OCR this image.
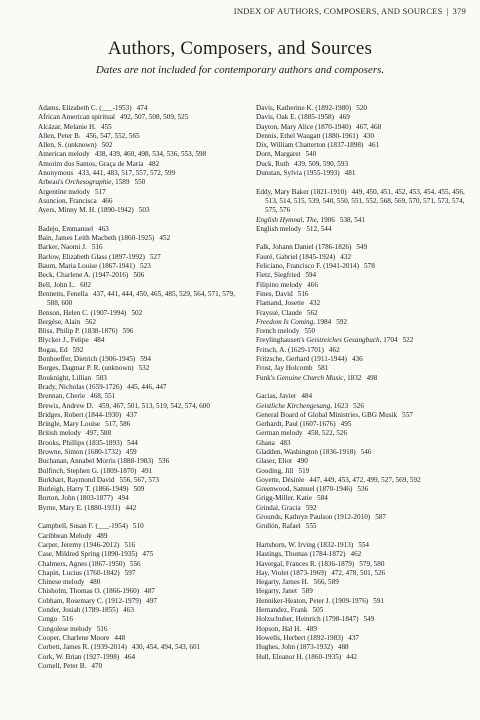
INDEX OF AUTHORS, COMPOSERS, AND SOURCES | 379
Authors, Composers, and Sources
Dates are not included for contemporary authors and composers.
Adams, Elizabeth C. (___-1953) 474
African American spiritual 492, 507, 508, 509, 525
Alcázar, Melanie H. 455
Allen, Peter B. 456, 547, 552, 565
Allen, S. (unknown) 502
American melody 438, 439, 460, 498, 534, 536, 553, 598
Amorim dos Santos, Graça de Maria 482
Anonymous 433, 441, 483, 517, 557, 572, 599
Arbeau's Orchesographie, 1589 550
Argentine melody 517
Asuncion, Francisca 466
Ayers, Minny M. H. (1890-1942) 503
Badejo, Emmanuel 463
Bain, James Leith Macbeth (1860-1925) 452
Barker, Naomi J. 516
Barlow, Elizabeth Glass (1897-1992) 527
Baum, Maria Louise (1867-1941) 523
Beck, Charlene A. (1947-2016) 506
Bell, John L. 602
Bennetts, Fenella 437, 441, 444, 450, 465, 485, 529, 564, 571, 579, 588, 600
Benson, Helen C. (1907-1994) 502
Bergèse, Alain 562
Bliss, Philip P. (1838-1876) 596
Blycker J., Felipe 484
Bogas, Ed 592
Bonhoeffer, Dietrich (1906-1945) 594
Borges, Dagmar P. R. (unknown) 532
Bouknight, Lillian 583
Brady, Nicholas (1659-1726) 445, 446, 447
Brennan, Cherie 468, 551
Brewis, Andrew D. 459, 467, 501, 513, 519, 542, 574, 600
Bridges, Robert (1844-1930) 437
Bringle, Mary Louise 517, 586
British melody 497, 588
Brooks, Phillips (1835-1893) 544
Browne, Simon (1680-1732) 459
Buchanan, Annabel Morris (1888-1983) 536
Bulfinch, Stephen G. (1809-1870) 491
Burkhart, Raymond David 556, 567, 573
Burleigh, Harry T. (1866-1949) 509
Burton, John (1803-1877) 494
Byrne, Mary E. (1880-1931) 442
Campbell, Susan F. (___-1954) 510
Caribbean Melody 489
Carper, Jeremy (1946-2012) 516
Case, Mildred Spring (1890-1935) 475
Chalmers, Agnes (1867-1950) 556
Chapin, Lucius (1760-1842) 597
Chinese melody 480
Chisholm, Thomas O. (1866-1960) 487
Cobham, Rosemary C. (1912-1979) 497
Conder, Josiah (1789-1855) 463
Congo 516
Congolese melody 516
Cooper, Charlene Moore 448
Corbett, James R. (1939-2014) 430, 454, 494, 543, 601
Cork, W. Brian (1927-1998) 464
Cornell, Peter B. 470
Davis, Katherine K. (1892-1980) 520
Davis, Oak E. (1885-1958) 469
Dayton, Mary Alice (1870-1940) 467, 468
Dennis, Ethel Waugatt (1880-1961) 430
Dix, William Chatterton (1837-1898) 461
Dorn, Margaret 540
Duck, Ruth 439, 509, 590, 593
Dunstan, Sylvia (1955-1993) 481
Eddy, Mary Baker (1821-1910) 449, 450, 451, 452, 453, 454, 455, 456, 513, 514, 515, 539, 540, 550, 551, 552, 568, 569, 570, 571, 573, 574, 575, 576
English Hymnal, The, 1906 538, 541
English melody 512, 544
Falk, Johann Daniel (1786-1826) 549
Fauré, Gabriel (1845-1924) 432
Feliciano, Francisco F. (1941-2014) 578
Fietz, Siegfried 594
Filipino melody 466
Fines, David 516
Flamand, Josette 432
Frayssé, Claude 562
Freedom Is Coming, 1984 592
French melody 550
Freylinghausen's Geistreiches Gesangbuch, 1704 522
Fritsch, A. (1629-1701) 462
Fritzsche, Gerhard (1911-1944) 436
Frost, Jay Holcomb 581
Funk's Genuine Church Music, 1832 498
Gacias, Javier 484
Geistliche Kirchengesang, 1623 526
General Board of Global Ministries, GBG Musik 557
Gerhardt, Paul (1607-1676) 495
German melody 458, 522, 526
Ghana 483
Gladden, Washington (1836-1918) 546
Glaser, Eliot 490
Gooding, Jill 519
Goyette, Désirée 447, 449, 453, 472, 499, 527, 569, 592
Greenwood, Samuel (1870-1946) 536
Grigg-Miller, Katie 584
Grindal, Gracia 592
Grounds, Kathryn Paulson (1912-2010) 587
Grullón, Rafael 555
Hartshorn, W. Irving (1832-1913) 554
Hastings, Thomas (1784-1872) 462
Havergal, Frances R. (1836-1879) 579, 580
Hay, Violet (1873-1969) 472, 478, 501, 526
Hegarty, James H. 566, 589
Hegarty, Janet 589
Henniker-Heaton, Peter J. (1909-1976) 591
Hernandez, Frank 505
Holzschuher, Heinrich (1798-1847) 549
Hopson, Hal H. 489
Howells, Herbert (1892-1983) 437
Hughes, John (1873-1932) 488
Hull, Eleanor H. (1860-1935) 442
